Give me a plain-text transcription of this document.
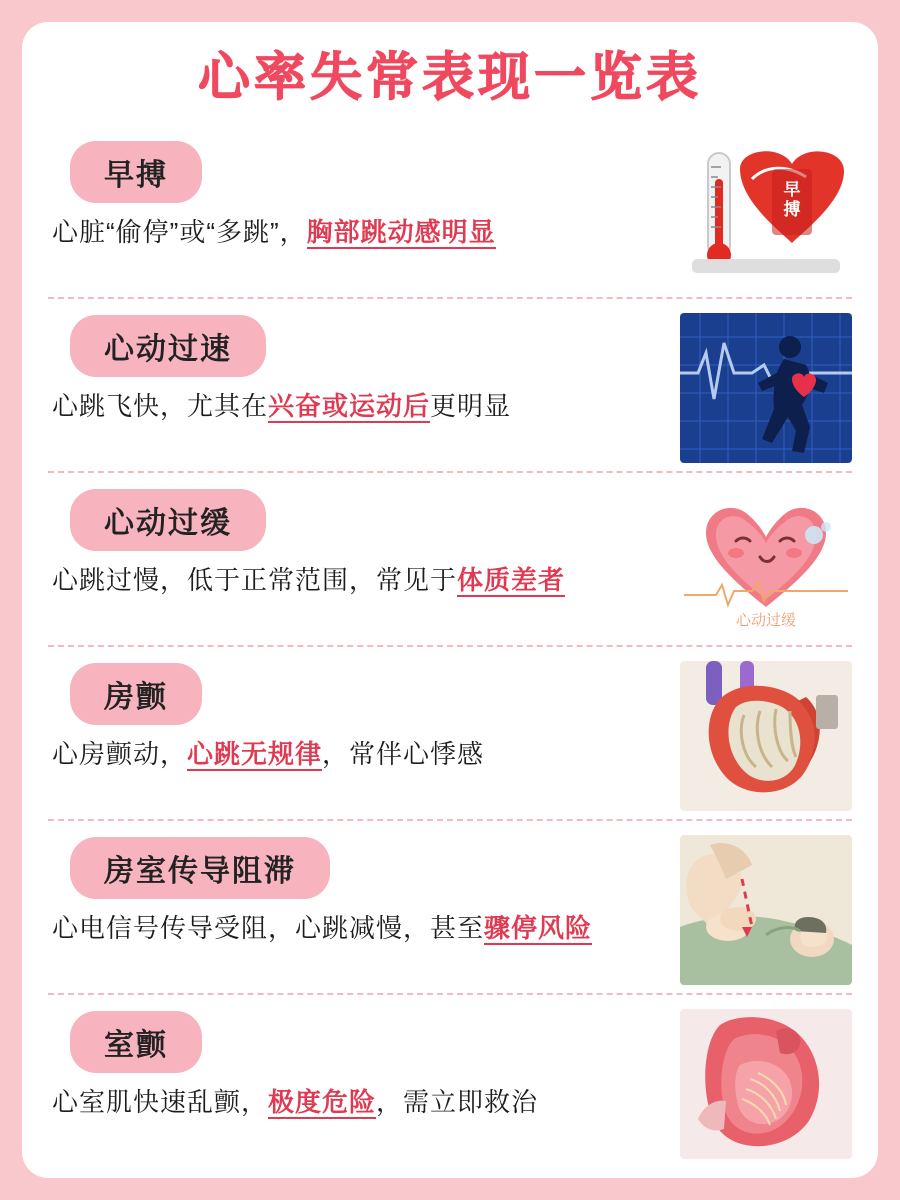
心率失常表现一览表
早搏

心脏“偷停”或“多跳”，胸部跳动感明显

早
搏
心动过速

心跳飞快，尤其在兴奋或运动后更明显

心动过缓

心跳过慢，低于正常范围，常见于体质差者

心动过缓
房颤

心房颤动，心跳无规律，常伴心悸感

房室传导阻滞

心电信号传导受阻，心跳减慢，甚至骤停风险

室颤

心室肌快速乱颤，极度危险，需立即救治
